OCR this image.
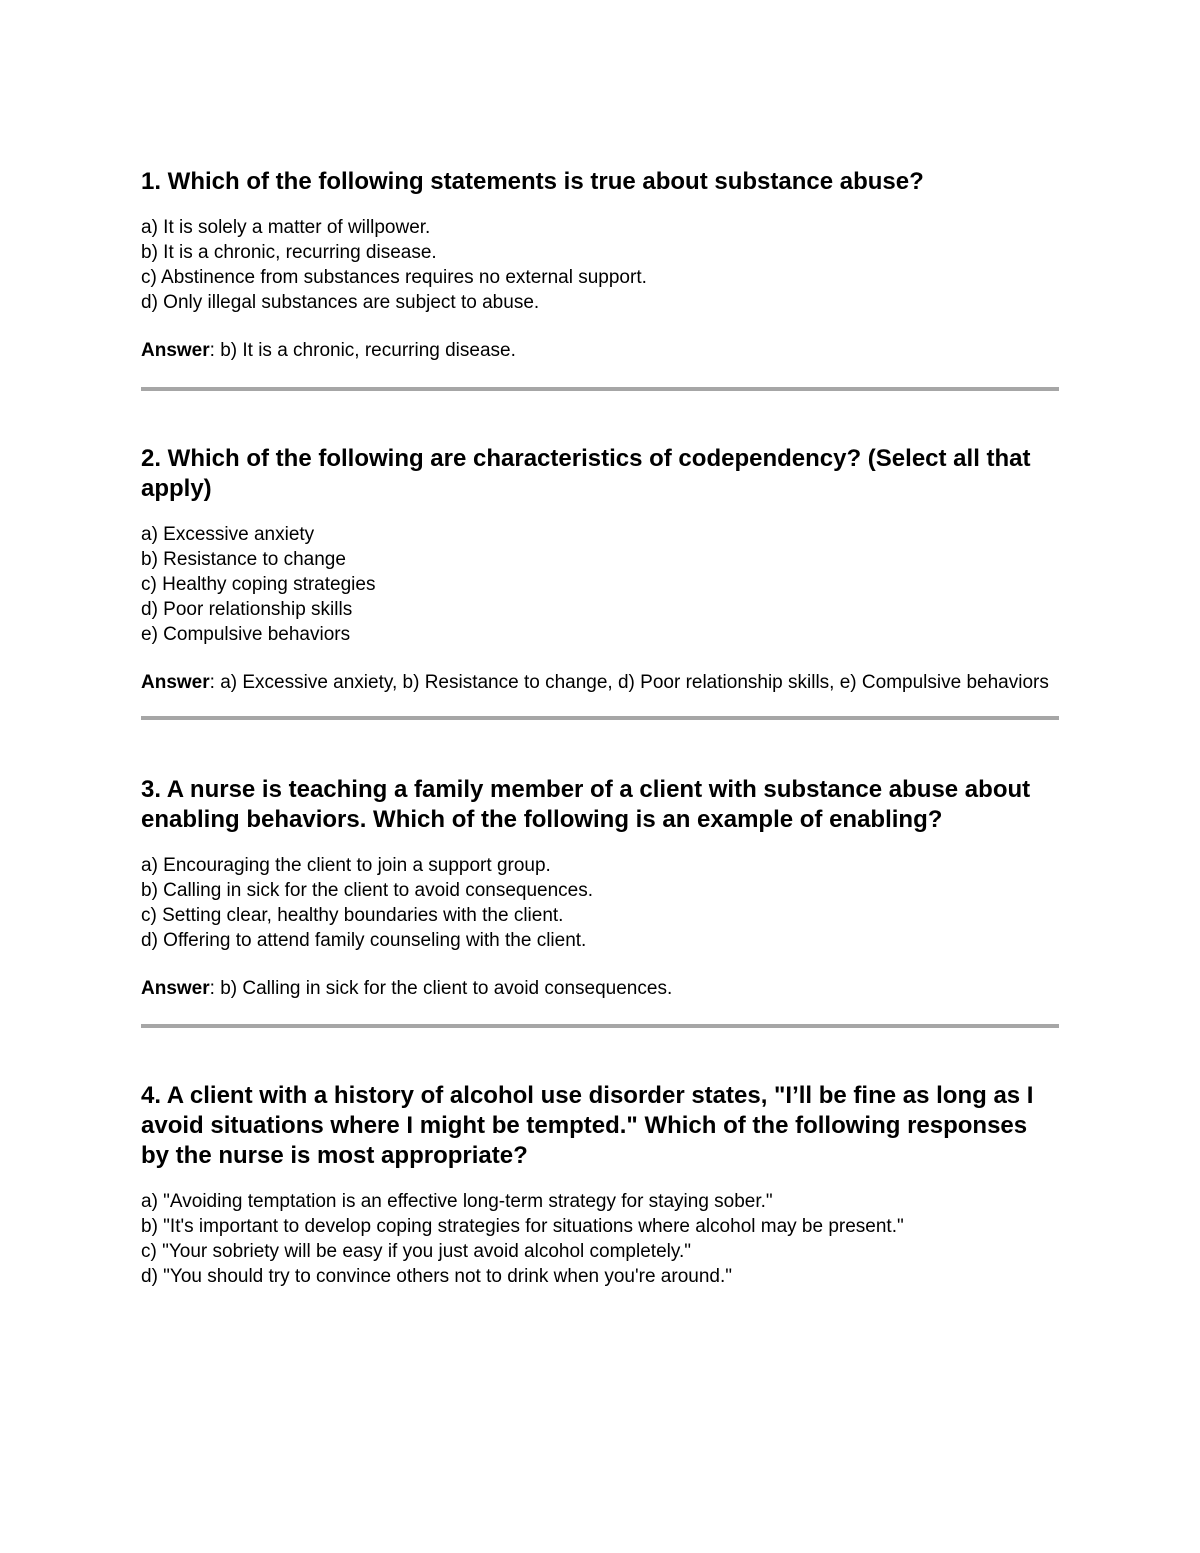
1. Which of the following statements is true about substance abuse?
a) It is solely a matter of willpower.
b) It is a chronic, recurring disease.
c) Abstinence from substances requires no external support.
d) Only illegal substances are subject to abuse.

Answer: b) It is a chronic, recurring disease.

2. Which of the following are characteristics of codependency? (Select all that apply)
a) Excessive anxiety
b) Resistance to change
c) Healthy coping strategies
d) Poor relationship skills
e) Compulsive behaviors

Answer: a) Excessive anxiety, b) Resistance to change, d) Poor relationship skills, e) Compulsive behaviors

3. A nurse is teaching a family member of a client with substance abuse about enabling behaviors. Which of the following is an example of enabling?
a) Encouraging the client to join a support group.
b) Calling in sick for the client to avoid consequences.
c) Setting clear, healthy boundaries with the client.
d) Offering to attend family counseling with the client.

Answer: b) Calling in sick for the client to avoid consequences.

4. A client with a history of alcohol use disorder states, "I’ll be fine as long as I avoid situations where I might be tempted." Which of the following responses by the nurse is most appropriate?
a) "Avoiding temptation is an effective long-term strategy for staying sober."
b) "It's important to develop coping strategies for situations where alcohol may be present."
c) "Your sobriety will be easy if you just avoid alcohol completely."
d) "You should try to convince others not to drink when you're around."
